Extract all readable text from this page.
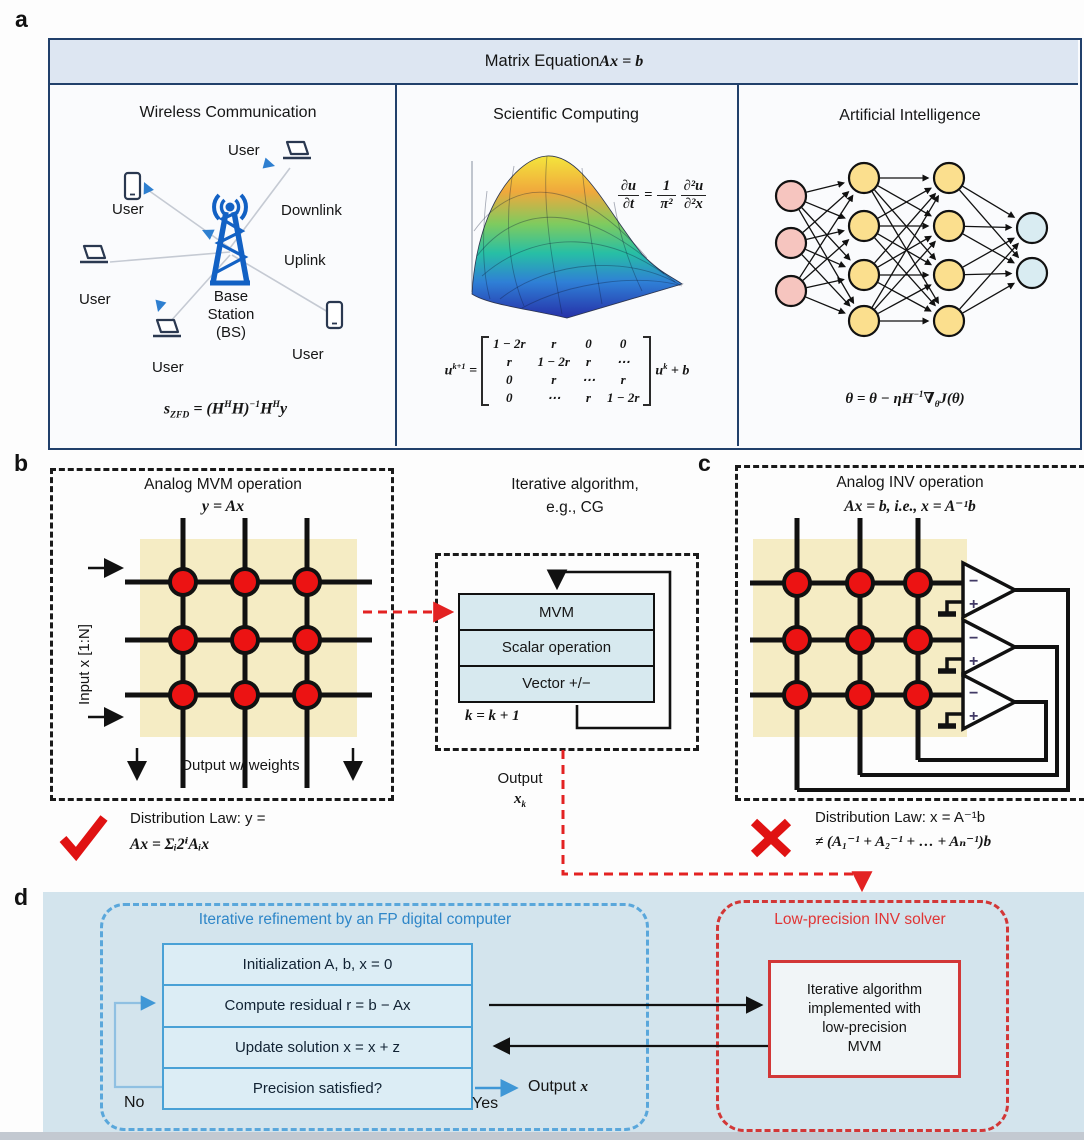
a
Matrix Equation Ax = b
Wireless Communication
User
User
User
User
User
Downlink
Uplink
Base
Station
(BS)
$s_{ZFD} = (H^HH)^{-1}H^Hy$
Scientific Computing
$\frac{\partial u}{\partial t} = \frac{1}{\text{π²}} \frac{\text{∂²u}}{\text{∂²x}}$
$u^{k+1}$ =
1 − 2r	r	0	0
r	1 − 2r	r	⋯
0	r	⋯	r
0	⋯	r	1 − 2r
$u^k + b$
Artificial Intelligence
$\theta = \theta - \eta H^{-1}\nabla_\theta J(\theta)$
b
Analog MVM operation
y = Ax
Input x [1:N]
Output w/ weights
Distribution Law: y =
Ax = Σᵢ2ⁱAᵢx
Iterative algorithm,
e.g., CG
MVM
Scalar operation
Vector +/−
k = k + 1
Output
$x_k$
c
Analog INV operation
Ax = b, i.e., x = A⁻¹b
−
+
−
+
−
+
Distribution Law: x = A⁻¹b
≠ (A₁⁻¹ + A₂⁻¹ + … + Aₙ⁻¹)b
d
Iterative refinement by an FP digital computer
Initialization A, b, x = 0
Compute residual r = b − Ax
Update solution x = x + z
Precision satisfied?
No	Yes
Output x
Low-precision INV solver
Iterative algorithm
implemented with
low-precision
MVM
